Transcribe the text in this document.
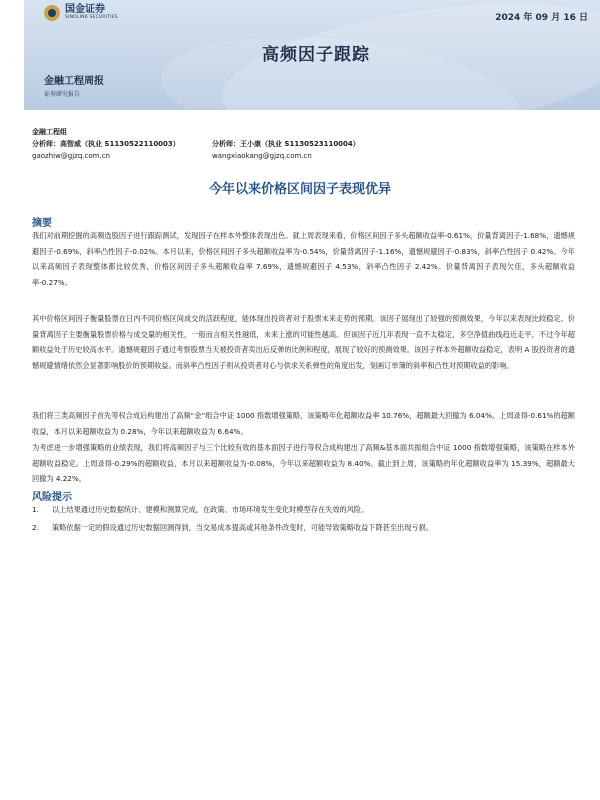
国金证券
SINOLINK SECURITIES	2024 年 09 月 16 日
高频因子跟踪
金融工程周报
证券研究报告
金融工程组
分析师：高智威（执业 S1130522110003）	分析师：王小康（执业 S1130523110004）
gaozhiw@gjzq.com.cn	wangxiaokang@gjzq.com.cn
今年以来价格区间因子表现优异
摘要
我们对前期挖掘的高频选股因子进行跟踪测试，发现因子在样本外整体表现出色。就上周表现来看，价格区间因子多头超额收益率-0.61%，价量背离因子-1.68%，遗憾规避因子-0.69%，斜率凸性因子-0.02%。本月以来，价格区间因子多头超额收益率为-0.54%，价量背离因子-1.16%，遗憾规避因子-0.83%，斜率凸性因子 0.42%。今年以来高频因子表现整体都比较优秀，价格区间因子多头超额收益率 7.69%，遗憾规避因子 4.53%，斜率凸性因子 2.42%。价量背离因子表现欠佳，多头超额收益率-0.27%。
其中价格区间因子衡量股票在日内不同价格区间成交的活跃程度，能体现出投资者对于股票未来走势的预期。该因子展现出了较强的预测效果，今年以来表现比较稳定。价量背离因子主要衡量股票价格与成交量的相关性，一般而言相关性越低，未来上涨的可能性越高。但该因子近几年表现一直不太稳定，多空净值曲线趋近走平，不过今年超额收益处于历史较高水平。遗憾规避因子通过考察股票当天被投资者卖出后反弹的比例和程度，展现了较好的预测效果。该因子样本外超额收益稳定，表明 A 股投资者的遗憾规避情绪依然会显著影响股价的预期收益。而斜率凸性因子则从投资者对心与供求关系弹性的角度出发，刻画订单簿的斜率和凸性对预期收益的影响。
我们将三类高频因子首先等权合成后构建出了高频“金”组合中证 1000 指数增强策略，该策略年化超额收益率 10.76%，超额最大回撤为 6.04%。上周录得-0.61%的超额收益，本月以来超额收益为 0.28%，今年以来超额收益为 6.64%。
为考虑进一步增强策略的业绩表现，我们将高频因子与三个比较有效的基本面因子进行等权合成构建出了高频&基本面共振组合中证 1000 指数增强策略，该策略在样本外超额收益稳定。上周录得-0.29%的超额收益，本月以来超额收益为-0.08%，今年以来超额收益为 8.40%。截止到上周，该策略的年化超额收益率为 15.39%，超额最大回撤为 4.22%。
风险提示
1.	以上结果通过历史数据统计、建模和测算完成，在政策、市场环境发生变化时模型存在失效的风险。
2.	策略依据一定的假设通过历史数据回测得到，当交易成本提高或其他条件改变时，可能导致策略收益下降甚至出现亏损。
